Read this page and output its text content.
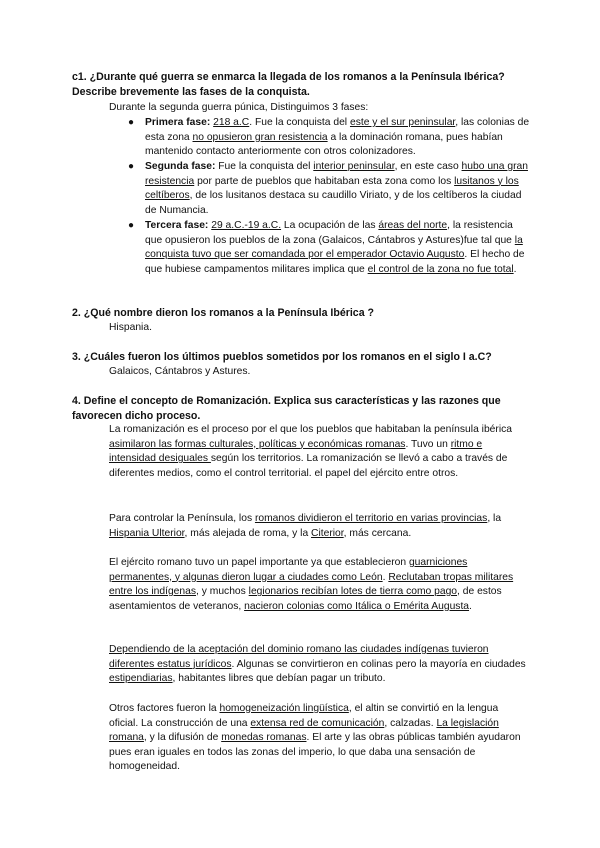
c1. ¿Durante qué guerra se enmarca la llegada de los romanos a la Península Ibérica? Describe brevemente las fases de la conquista.

Durante la segunda guerra púnica, Distinguimos 3 fases:

● Primera fase: 218 a.C. Fue la conquista del este y el sur peninsular, las colonias de esta zona no opusieron gran resistencia a la dominación romana, pues habían mantenido contacto anteriormente con otros colonizadores.

● Segunda fase: Fue la conquista del interior peninsular, en este caso hubo una gran resistencia por parte de pueblos que habitaban esta zona como los lusitanos y los celtíberos, de los lusitanos destaca su caudillo Viriato, y de los celtíberos la ciudad de Numancia.

● Tercera fase: 29 a.C.-19 a.C. La ocupación de las áreas del norte, la resistencia que opusieron los pueblos de la zona (Galaicos, Cántabros y Astures)fue tal que la conquista tuvo que ser comandada por el emperador Octavio Augusto. El hecho de que hubiese campamentos militares implica que el control de la zona no fue total.

2. ¿Qué nombre dieron los romanos a la Península Ibérica ?

Hispania.

3. ¿Cuáles fueron los últimos pueblos sometidos por los romanos en el siglo I a.C?

Galaicos, Cántabros y Astures.

4. Define el concepto de Romanización. Explica sus características y las razones que favorecen dicho proceso.

La romanización es el proceso por el que los pueblos que habitaban la península ibérica asimilaron las formas culturales, políticas y económicas romanas. Tuvo un ritmo e intensidad desiguales según los territorios. La romanización se llevó a cabo a través de diferentes medios, como el control territorial. el papel del ejército entre otros.

Para controlar la Península, los romanos dividieron el territorio en varias provincias, la Hispania Ulterior, más alejada de roma, y la Citerior, más cercana.

El ejército romano tuvo un papel importante ya que establecieron guarniciones permanentes, y algunas dieron lugar a ciudades como León. Reclutaban tropas militares entre los indígenas, y muchos legionarios recibían lotes de tierra como pago, de estos asentamientos de veteranos, nacieron colonias como Itálica o Emérita Augusta.

Dependiendo de la aceptación del dominio romano las ciudades indígenas tuvieron diferentes estatus jurídicos. Algunas se convirtieron en colinas pero la mayoría en ciudades estipendiarias, habitantes libres que debían pagar un tributo.

Otros factores fueron la homogeneización lingüística, el altin se convirtió en la lengua oficial. La construcción de una extensa red de comunicación, calzadas. La legislación romana, y la difusión de monedas romanas. El arte y las obras públicas también ayudaron pues eran iguales en todos las zonas del imperio, lo que daba una sensación de homogeneidad.
